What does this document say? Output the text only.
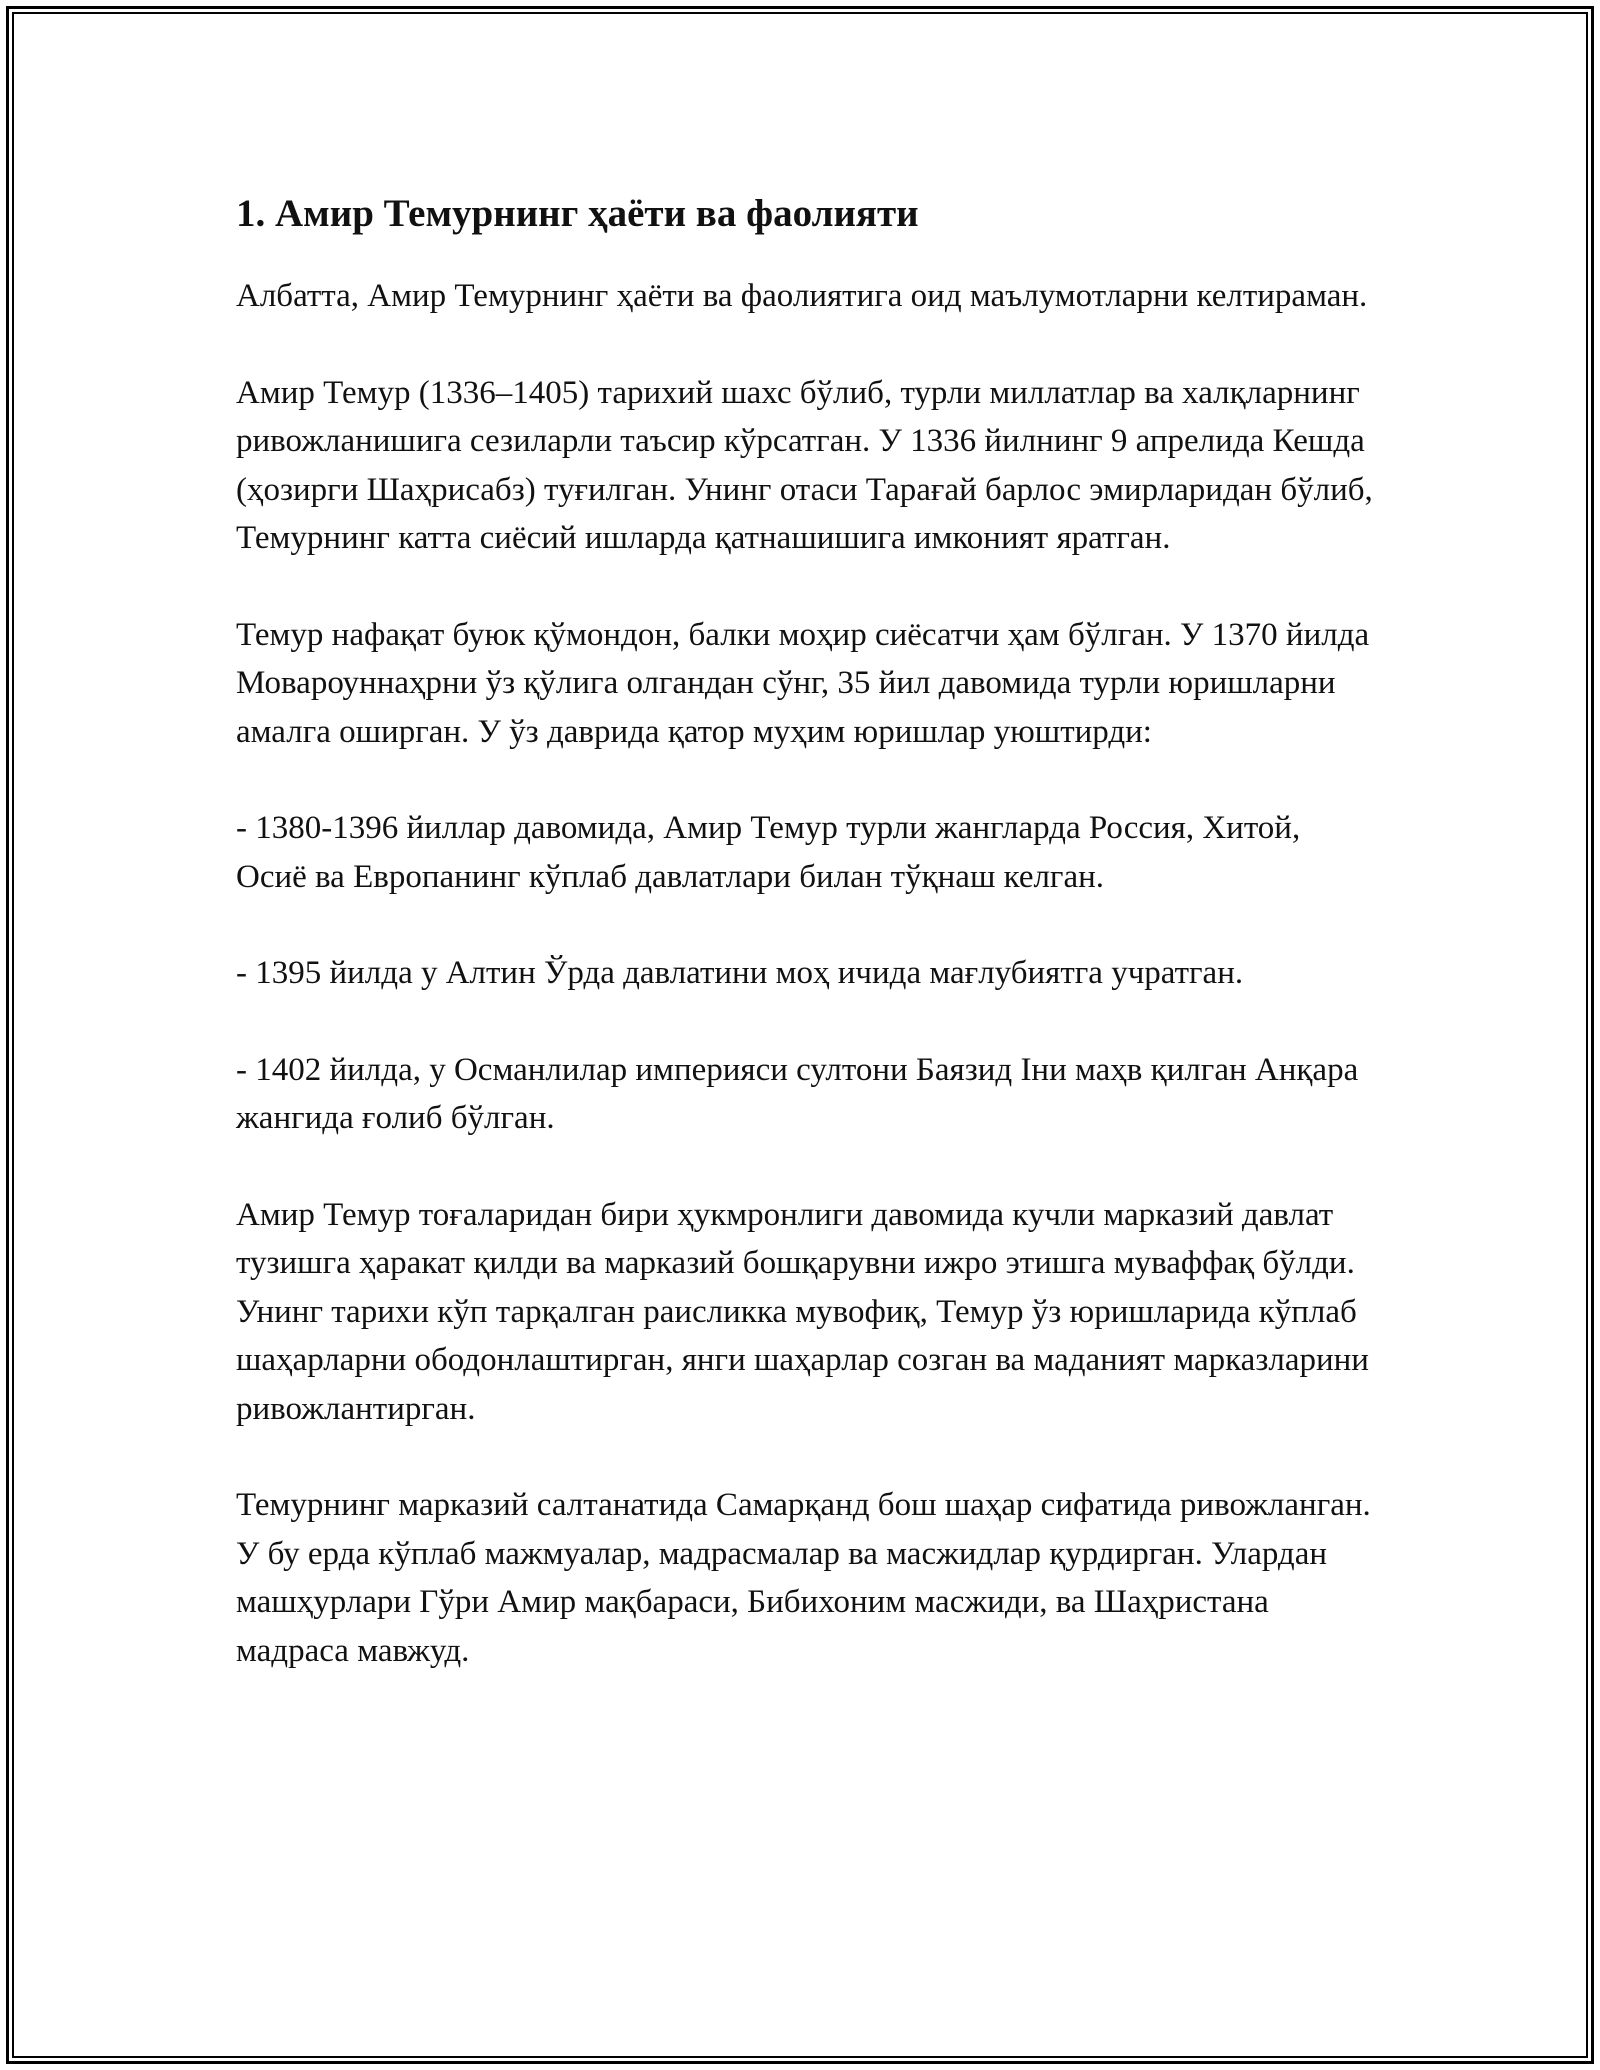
1. Амир Темурнинг ҳаёти ва фаолияти

Албатта, Амир Темурнинг ҳаёти ва фаолиятига оид маълумотларни келтираман.

Амир Темур (1336–1405) тарихий шахс бўлиб, турли миллатлар ва халқларнинг ривожланишига сезиларли таъсир кўрсатган. У 1336 йилнинг 9 апрелида Кешда (ҳозирги Шаҳрисабз) туғилган. Унинг отаси Тарағай барлос эмирларидан бўлиб, Темурнинг катта сиёсий ишларда қатнашишига имконият яратган.

Темур нафақат буюк қўмондон, балки моҳир сиёсатчи ҳам бўлган. У 1370 йилда Мовароуннаҳрни ўз қўлига олгандан сўнг, 35 йил давомида турли юришларни амалга оширган. У ўз даврида қатор муҳим юришлар уюштирди:

- 1380-1396 йиллар давомида, Амир Темур турли жангларда Россия, Хитой, Осиё ва Европанинг кўплаб давлатлари билан тўқнаш келган.

- 1395 йилда у Алтин Ўрда давлатини моҳ ичида мағлубиятга учратган.

- 1402 йилда, у Османлилар империяси султони Баязид Іни маҳв қилган Анқара жангида ғолиб бўлган.

Амир Темур тоғаларидан бири ҳукмронлиги давомида кучли марказий давлат тузишга ҳаракат қилди ва марказий бошқарувни ижро этишга муваффақ бўлди. Унинг тарихи кўп тарқалган раисликка мувофиқ, Темур ўз юришларида кўплаб шаҳарларни ободонлаштирган, янги шаҳарлар созган ва маданият марказларини ривожлантирган.

Темурнинг марказий салтанатида Самарқанд бош шаҳар сифатида ривожланган. У бу ерда кўплаб мажмуалар, мадрасмалар ва масжидлар қурдирган. Улардан машҳурлари Гўри Амир мақбараси, Бибихоним масжиди, ва Шаҳристана мадраса мавжуд.
